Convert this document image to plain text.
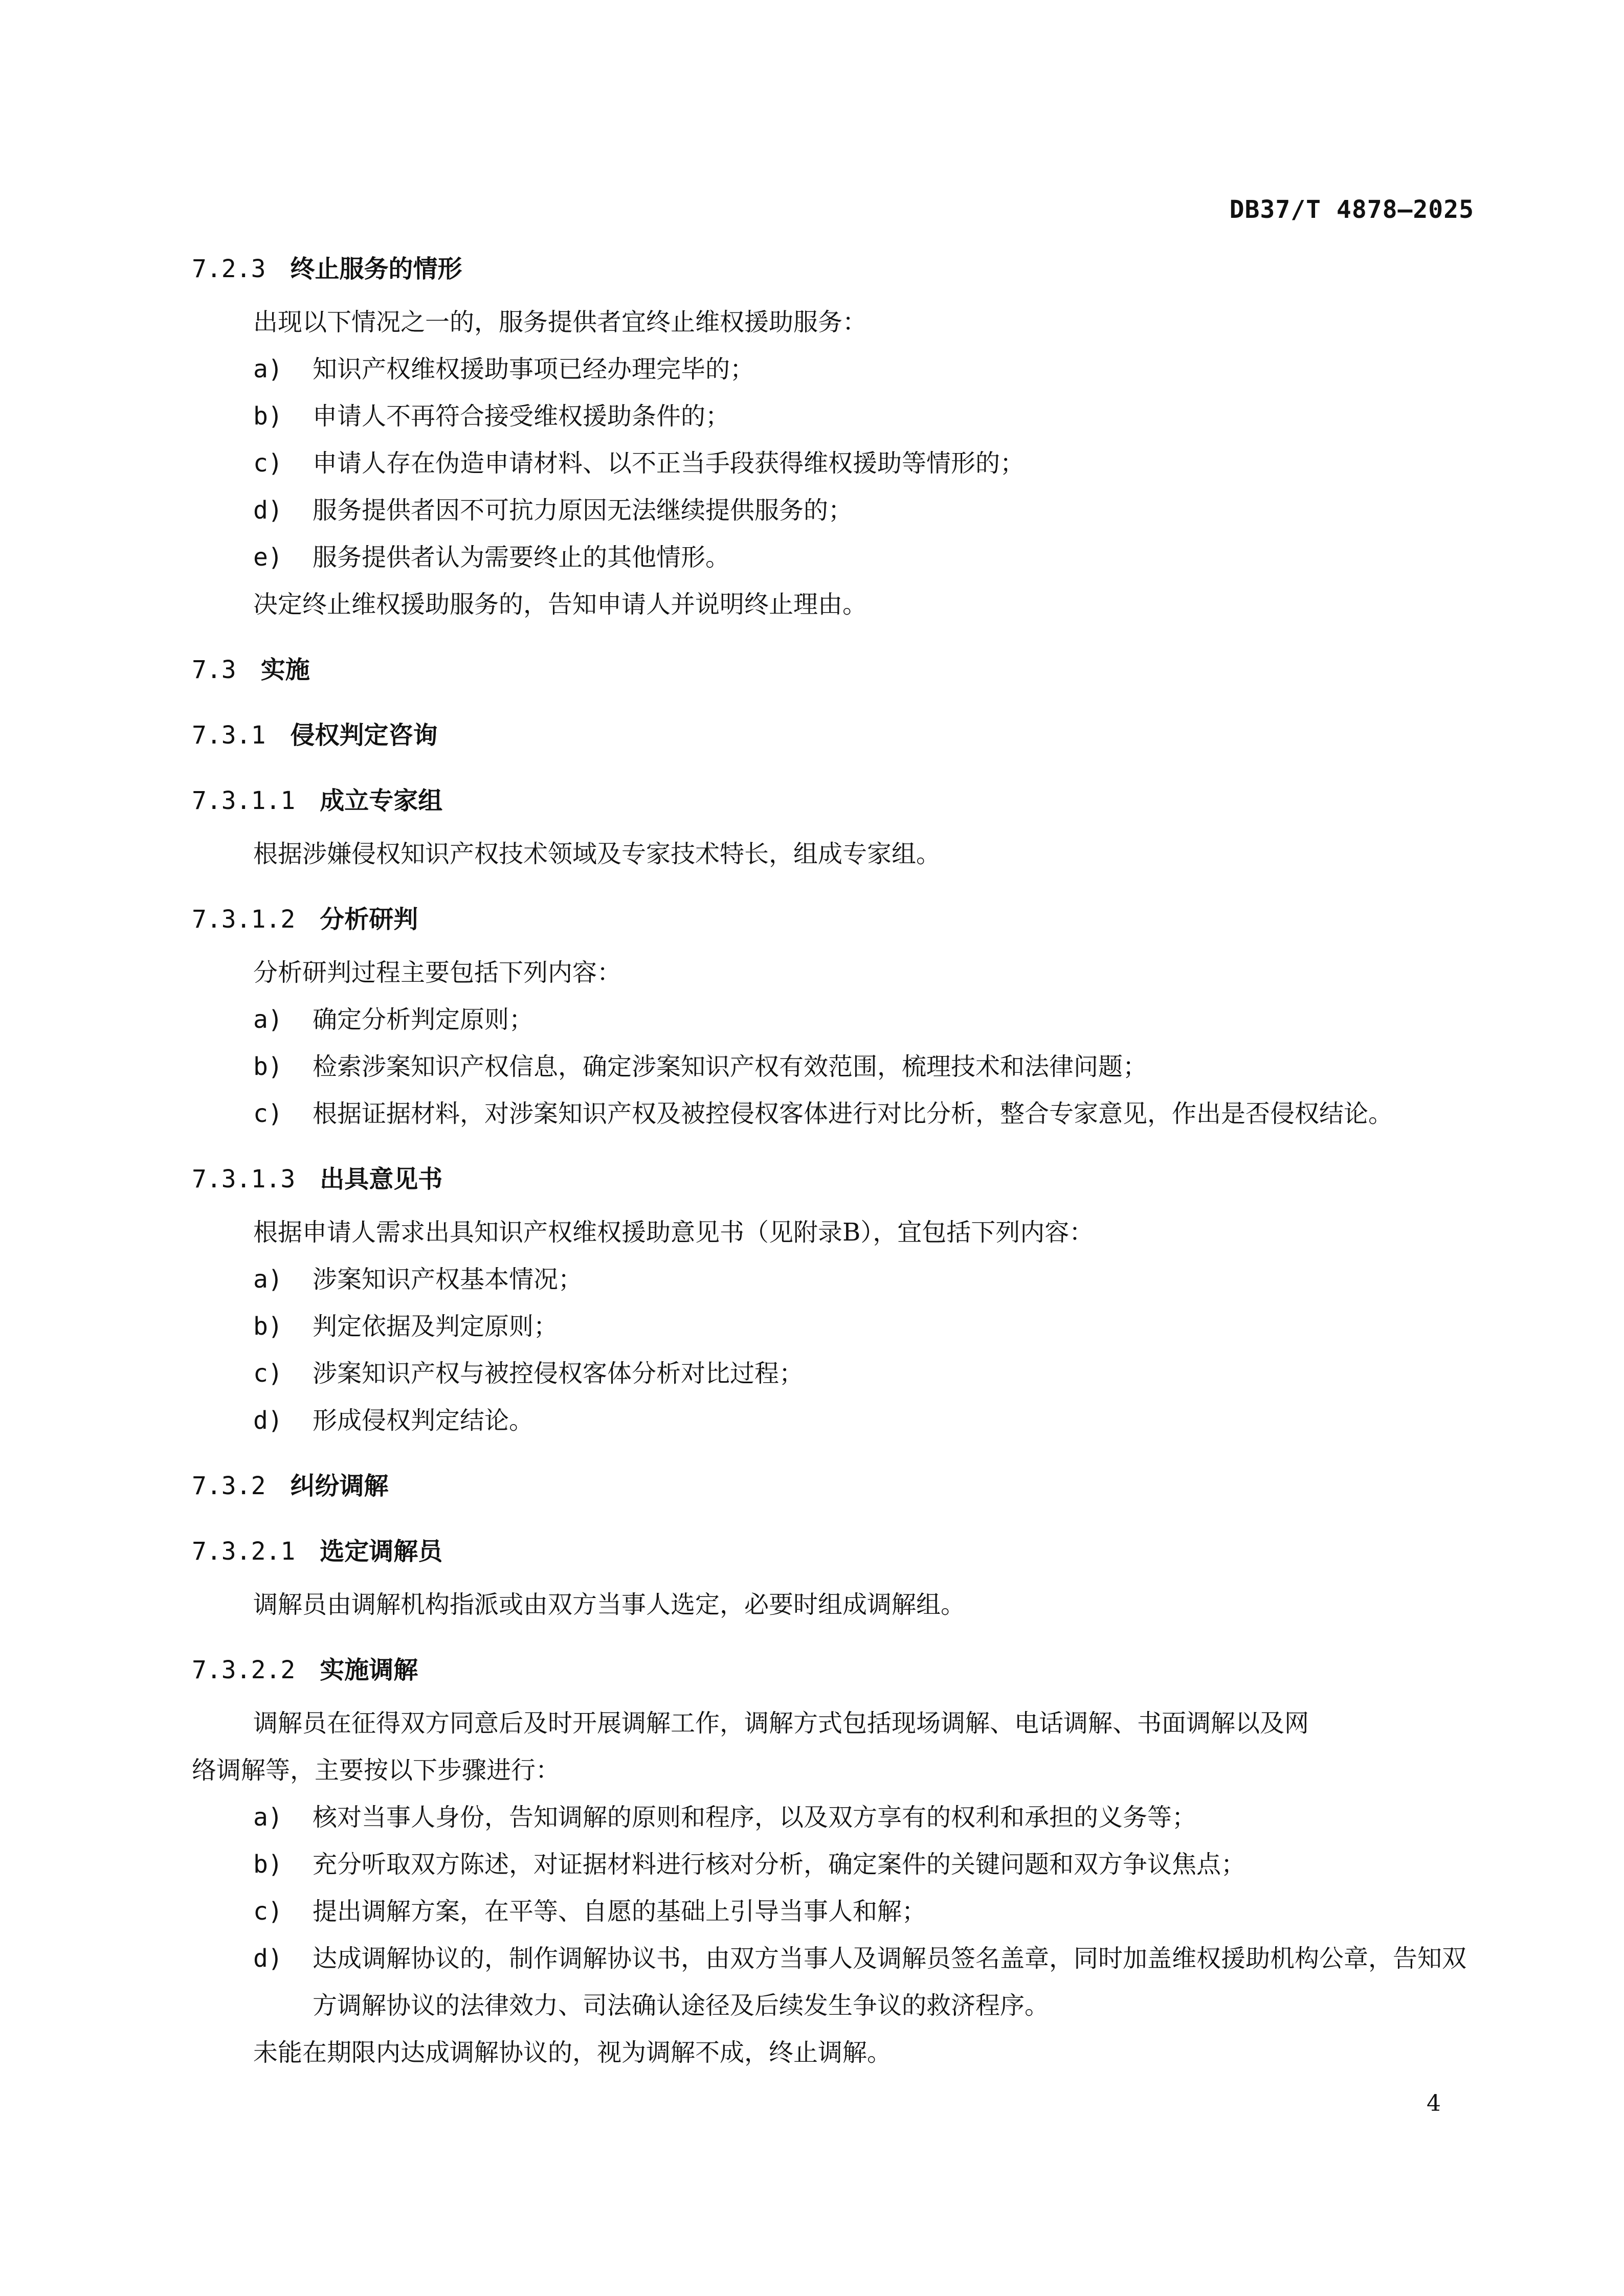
DB37/T 4878—2025
7.2.3 终止服务的情形
出现以下情况之一的，服务提供者宜终止维权援助服务：
a) 知识产权维权援助事项已经办理完毕的；
b) 申请人不再符合接受维权援助条件的；
c) 申请人存在伪造申请材料、以不正当手段获得维权援助等情形的；
d) 服务提供者因不可抗力原因无法继续提供服务的；
e) 服务提供者认为需要终止的其他情形。
决定终止维权援助服务的，告知申请人并说明终止理由。
7.3 实施
7.3.1 侵权判定咨询
7.3.1.1 成立专家组
根据涉嫌侵权知识产权技术领域及专家技术特长，组成专家组。
7.3.1.2 分析研判
分析研判过程主要包括下列内容：
a) 确定分析判定原则；
b) 检索涉案知识产权信息，确定涉案知识产权有效范围，梳理技术和法律问题；
c) 根据证据材料，对涉案知识产权及被控侵权客体进行对比分析，整合专家意见，作出是否侵权结论。
7.3.1.3 出具意见书
根据申请人需求出具知识产权维权援助意见书（见附录B），宜包括下列内容：
a) 涉案知识产权基本情况；
b) 判定依据及判定原则；
c) 涉案知识产权与被控侵权客体分析对比过程；
d) 形成侵权判定结论。
7.3.2 纠纷调解
7.3.2.1 选定调解员
调解员由调解机构指派或由双方当事人选定，必要时组成调解组。
7.3.2.2 实施调解
调解员在征得双方同意后及时开展调解工作，调解方式包括现场调解、电话调解、书面调解以及网
络调解等，主要按以下步骤进行：
a) 核对当事人身份，告知调解的原则和程序，以及双方享有的权利和承担的义务等；
b) 充分听取双方陈述，对证据材料进行核对分析，确定案件的关键问题和双方争议焦点；
c) 提出调解方案，在平等、自愿的基础上引导当事人和解；
d) 达成调解协议的，制作调解协议书，由双方当事人及调解员签名盖章，同时加盖维权援助机构公章，告知双方调解协议的法律效力、司法确认途径及后续发生争议的救济程序。
未能在期限内达成调解协议的，视为调解不成，终止调解。
4
